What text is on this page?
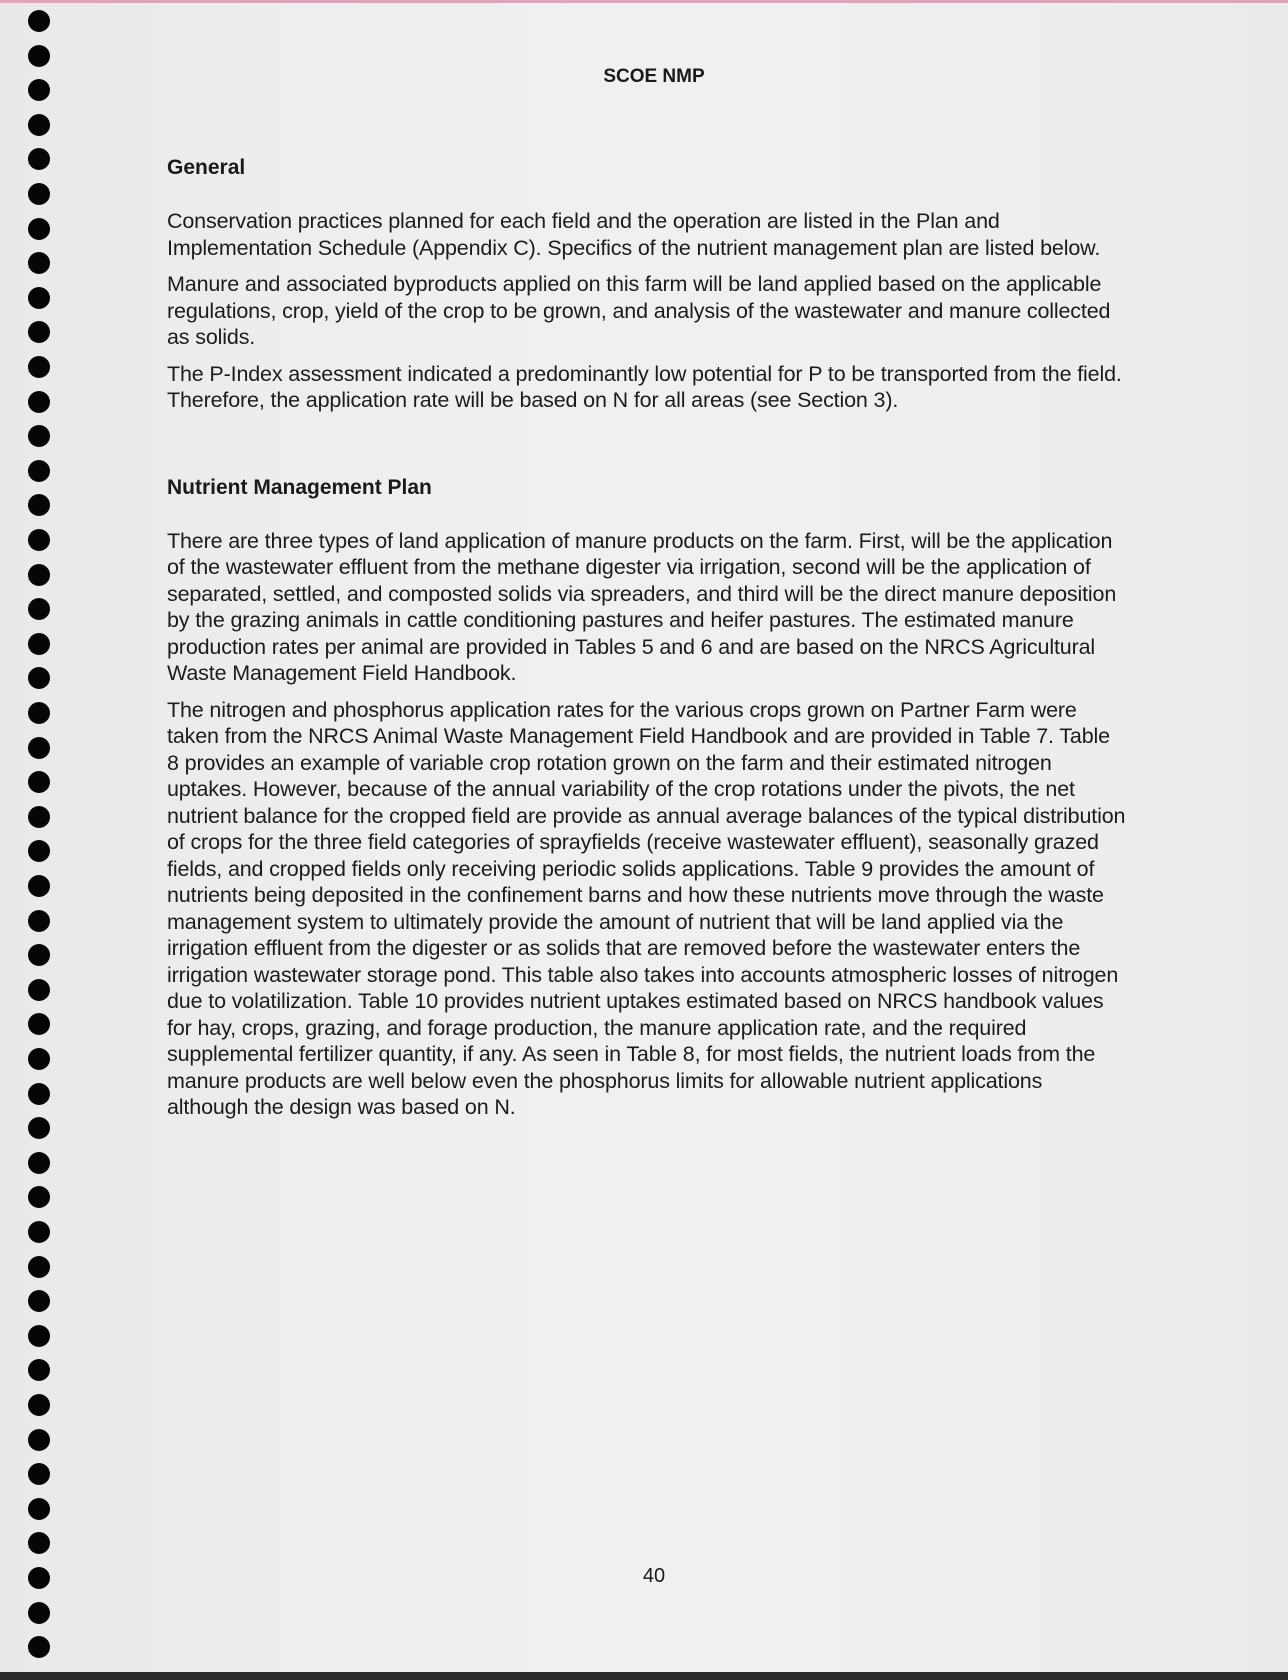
SCOE NMP
General

Conservation practices planned for each field and the operation are listed in the Plan and Implementation Schedule (Appendix C). Specifics of the nutrient management plan are listed below.

Manure and associated byproducts applied on this farm will be land applied based on the applicable regulations, crop, yield of the crop to be grown, and analysis of the wastewater and manure collected as solids.

The P-Index assessment indicated a predominantly low potential for P to be transported from the field. Therefore, the application rate will be based on N for all areas (see Section 3).

Nutrient Management Plan

There are three types of land application of manure products on the farm. First, will be the application of the wastewater effluent from the methane digester via irrigation, second will be the application of separated, settled, and composted solids via spreaders, and third will be the direct manure deposition by the grazing animals in cattle conditioning pastures and heifer pastures. The estimated manure production rates per animal are provided in Tables 5 and 6 and are based on the NRCS Agricultural Waste Management Field Handbook.

The nitrogen and phosphorus application rates for the various crops grown on Partner Farm were taken from the NRCS Animal Waste Management Field Handbook and are provided in Table 7. Table 8 provides an example of variable crop rotation grown on the farm and their estimated nitrogen uptakes. However, because of the annual variability of the crop rotations under the pivots, the net nutrient balance for the cropped field are provide as annual average balances of the typical distribution of crops for the three field categories of sprayfields (receive wastewater effluent), seasonally grazed fields, and cropped fields only receiving periodic solids applications. Table 9 provides the amount of nutrients being deposited in the confinement barns and how these nutrients move through the waste management system to ultimately provide the amount of nutrient that will be land applied via the irrigation effluent from the digester or as solids that are removed before the wastewater enters the irrigation wastewater storage pond. This table also takes into accounts atmospheric losses of nitrogen due to volatilization. Table 10 provides nutrient uptakes estimated based on NRCS handbook values for hay, crops, grazing, and forage production, the manure application rate, and the required supplemental fertilizer quantity, if any. As seen in Table 8, for most fields, the nutrient loads from the manure products are well below even the phosphorus limits for allowable nutrient applications although the design was based on N.

40
